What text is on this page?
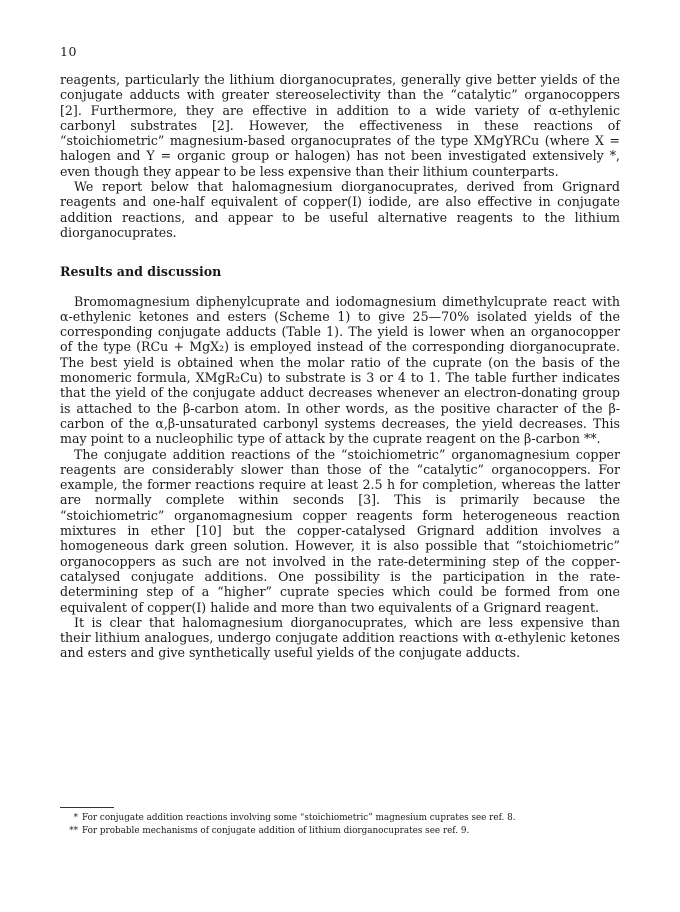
10

reagents, particularly the lithium diorganocuprates, generally give better yields of the conjugate adducts with greater stereoselectivity than the “catalytic” organocoppers [2]. Furthermore, they are effective in addition to a wide variety of α-ethylenic carbonyl substrates [2]. However, the effectiveness in these reactions of “stoichiometric” magnesium-based organocuprates of the type XMgYRCu (where X = halogen and Y = organic group or halogen) has not been investigated extensively *, even though they appear to be less expensive than their lithium counterparts.

We report below that halomagnesium diorganocuprates, derived from Grignard reagents and one-half equivalent of copper(I) iodide, are also effective in conjugate addition reactions, and appear to be useful alternative reagents to the lithium diorganocuprates.

Results and discussion

Bromomagnesium diphenylcuprate and iodomagnesium dimethylcuprate react with α-ethylenic ketones and esters (Scheme 1) to give 25—70% isolated yields of the corresponding conjugate adducts (Table 1). The yield is lower when an organocopper of the type (RCu + MgX₂) is employed instead of the corresponding diorganocuprate. The best yield is obtained when the molar ratio of the cuprate (on the basis of the monomeric formula, XMgR₂Cu) to substrate is 3 or 4 to 1. The table further indicates that the yield of the conjugate adduct decreases whenever an electron-donating group is attached to the β-carbon atom. In other words, as the positive character of the β-carbon of the α,β-unsaturated carbonyl systems decreases, the yield decreases. This may point to a nucleophilic type of attack by the cuprate reagent on the β-carbon **.

The conjugate addition reactions of the “stoichiometric” organomagnesium copper reagents are considerably slower than those of the “catalytic” organocoppers. For example, the former reactions require at least 2.5 h for completion, whereas the latter are normally complete within seconds [3]. This is primarily because the “stoichiometric” organomagnesium copper reagents form heterogeneous reaction mixtures in ether [10] but the copper-catalysed Grignard addition involves a homogeneous dark green solution. However, it is also possible that “stoichiometric” organocoppers as such are not involved in the rate-determining step of the copper-catalysed conjugate additions. One possibility is the participation in the rate-determining step of a “higher” cuprate species which could be formed from one equivalent of copper(I) halide and more than two equivalents of a Grignard reagent.

It is clear that halomagnesium diorganocuprates, which are less expensive than their lithium analogues, undergo conjugate addition reactions with α-ethylenic ketones and esters and give synthetically useful yields of the conjugate adducts.

* For conjugate addition reactions involving some “stoichiometric” magnesium cuprates see ref. 8.
** For probable mechanisms of conjugate addition of lithium diorganocuprates see ref. 9.
